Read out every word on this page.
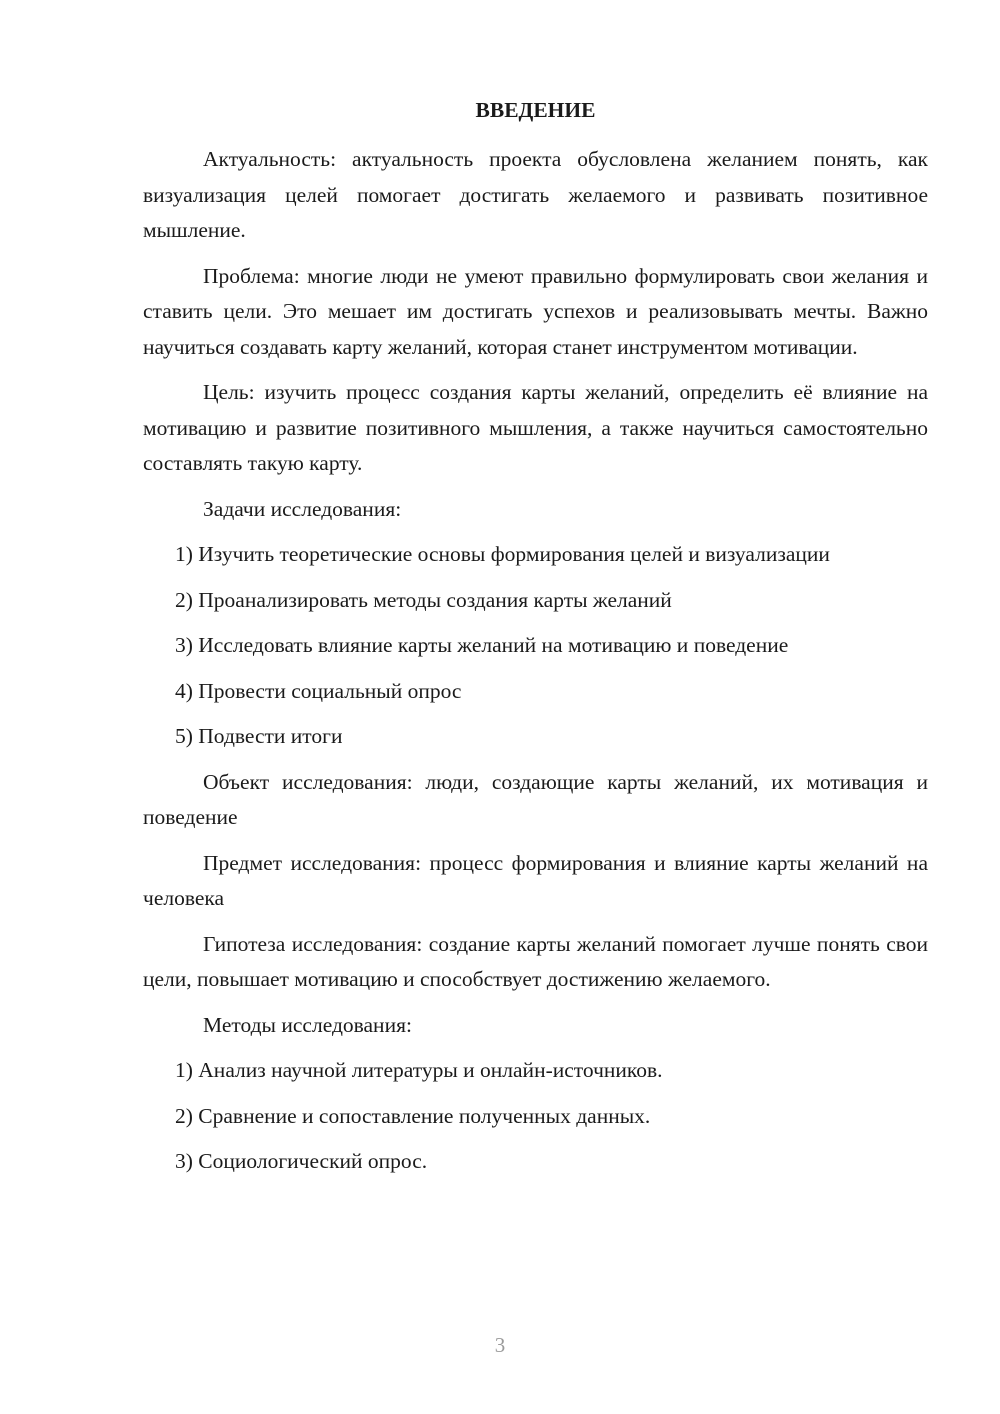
ВВЕДЕНИЕ

Актуальность: актуальность проекта обусловлена желанием понять, как визуализация целей помогает достигать желаемого и развивать позитивное мышление.

Проблема: многие люди не умеют правильно формулировать свои желания и ставить цели. Это мешает им достигать успехов и реализовывать мечты. Важно научиться создавать карту желаний, которая станет инструментом мотивации.

Цель: изучить процесс создания карты желаний, определить её влияние на мотивацию и развитие позитивного мышления, а также научиться самостоятельно составлять такую карту.

Задачи исследования:

1) Изучить теоретические основы формирования целей и визуализации
2) Проанализировать методы создания карты желаний
3) Исследовать влияние карты желаний на мотивацию и поведение
4) Провести социальный опрос
5) Подвести итоги

Объект исследования: люди, создающие карты желаний, их мотивация и поведение

Предмет исследования: процесс формирования и влияние карты желаний на человека

Гипотеза исследования: создание карты желаний помогает лучше понять свои цели, повышает мотивацию и способствует достижению желаемого.

Методы исследования:

1) Анализ научной литературы и онлайн-источников.
2) Сравнение и сопоставление полученных данных.
3) Социологический опрос.
3
